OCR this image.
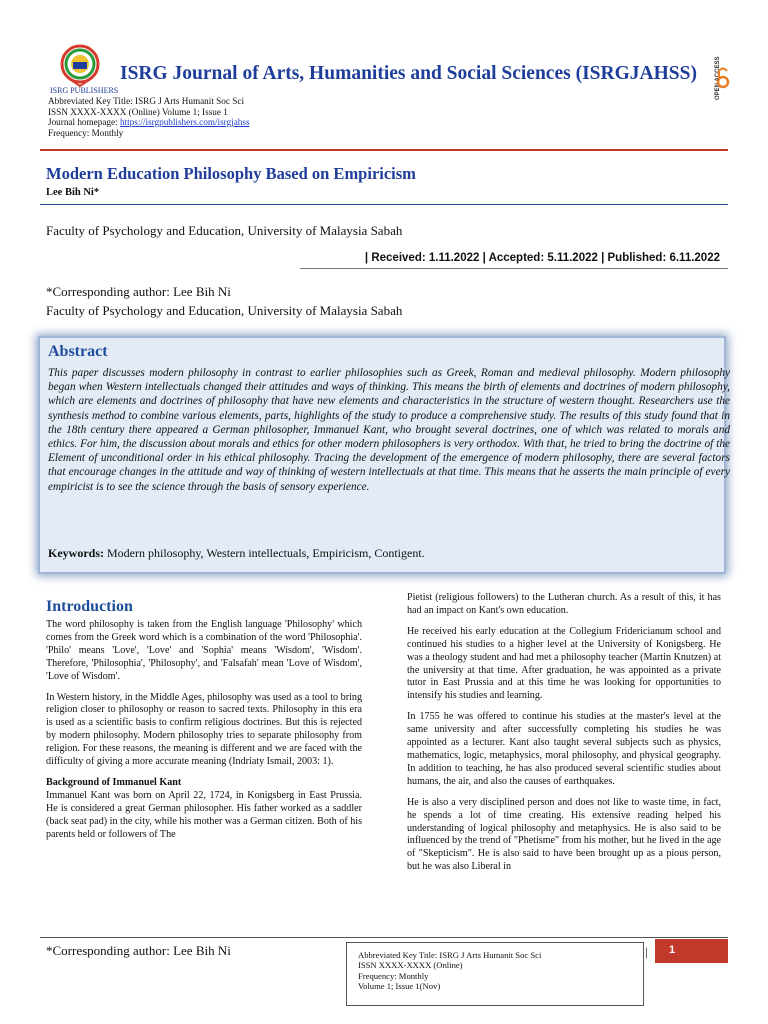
ISRG Journal of Arts, Humanities and Social Sciences (ISRGJAHSS)
ISRG PUBLISHERS
Abbreviated Key Title: ISRG J Arts Humanit Soc Sci
ISSN XXXX-XXXX (Online) Volume 1; Issue 1
Journal homepage: https://isrgpublishers.com/isrgjahss
Frequency: Monthly
OPEN ACCESS
Modern Education Philosophy Based on Empiricism
Lee Bih Ni*
Faculty of Psychology and Education, University of Malaysia Sabah
| Received: 1.11.2022 | Accepted: 5.11.2022 | Published: 6.11.2022
*Corresponding author: Lee Bih Ni
Faculty of Psychology and Education, University of Malaysia Sabah
Abstract
This paper discusses modern philosophy in contrast to earlier philosophies such as Greek, Roman and medieval philosophy. Modern philosophy began when Western intellectuals changed their attitudes and ways of thinking. This means the birth of elements and doctrines of modern philosophy, which are elements and doctrines of philosophy that have new elements and characteristics in the structure of western thought. Researchers use the synthesis method to combine various elements, parts, highlights of the study to produce a comprehensive study. The results of this study found that in the 18th century there appeared a German philosopher, Immanuel Kant, who brought several doctrines, one of which was related to morals and ethics. For him, the discussion about morals and ethics for other modern philosophers is very orthodox. With that, he tried to bring the doctrine of the Element of unconditional order in his ethical philosophy. Tracing the development of the emergence of modern philosophy, there are several factors that encourage changes in the attitude and way of thinking of western intellectuals at that time. This means that he asserts the main principle of every empiricist is to see the science through the basis of sensory experience.
Keywords: Modern philosophy, Western intellectuals, Empiricism, Contigent.
Introduction

The word philosophy is taken from the English language 'Philosophy' which comes from the Greek word which is a combination of the word 'Philosophia'. 'Philo' means 'Love', 'Love' and 'Sophia' means 'Wisdom', 'Wisdom'. Therefore, 'Philosophia', 'Philosophy', and 'Falsafah' mean 'Love of Wisdom', 'Love of Wisdom'.

In Western history, in the Middle Ages, philosophy was used as a tool to bring religion closer to philosophy or reason to sacred texts. Philosophy in this era is used as a scientific basis to confirm religious doctrines. But this is rejected by modern philosophy. Modern philosophy tries to separate philosophy from religion. For these reasons, the meaning is different and we are faced with the difficulty of giving a more accurate meaning (Indriaty Ismail, 2003: 1).

Background of Immanuel Kant

Immanuel Kant was born on April 22, 1724, in Konigsberg in East Prussia. He is considered a great German philosopher. His father worked as a saddler (back seat pad) in the city, while his mother was a German citizen. Both of his parents held or followers of The

Pietist (religious followers) to the Lutheran church. As a result of this, it has had an impact on Kant's own education.

He received his early education at the Collegium Fridericianum school and continued his studies to a higher level at the University of Konigsberg. He was a theology student and had met a philosophy teacher (Martin Knutzen) at the university at that time. After graduation, he was appointed as a private tutor in East Prussia and at this time he was looking for opportunities to intensify his studies and learning.

In 1755 he was offered to continue his studies at the master's level at the same university and after successfully completing his studies he was appointed as a lecturer. Kant also taught several subjects such as physics, mathematics, logic, metaphysics, moral philosophy, and physical geography. In addition to teaching, he has also produced several scientific studies about humans, the air, and also the causes of earthquakes.

He is also a very disciplined person and does not like to waste time, in fact, he spends a lot of time creating. His extensive reading helped his understanding of logical philosophy and metaphysics. He is also said to be influenced by the trend of "Phetisme" from his mother, but he lived in the age of "Skepticism". He is also said to have been brought up as a pious person, but he was also Liberal in

*Corresponding author: Lee Bih Ni	Abbreviated Key Title: ISRG J Arts Humanit Soc Sci
ISSN XXXX-XXXX (Online)
Frequency: Monthly
Volume 1; Issue 1(Nov)
|	1
